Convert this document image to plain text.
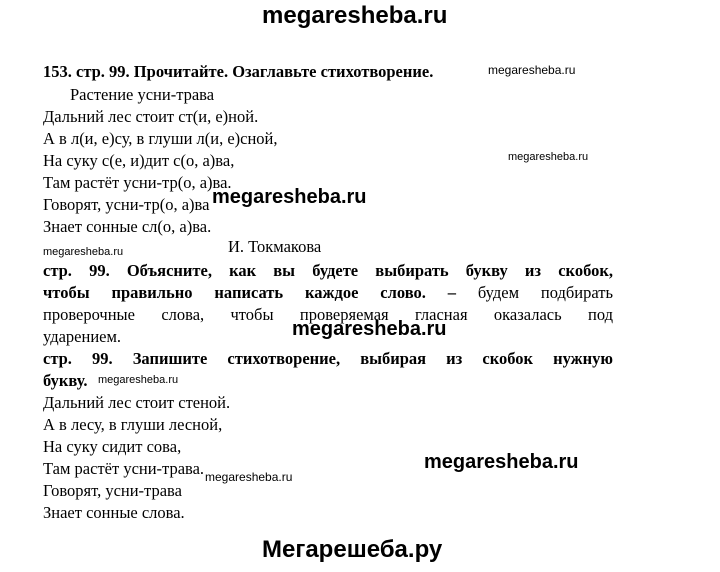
megaresheba.ru
153. стр. 99. Прочитайте. Озаглавьте стихотворение.	megaresheba.ru
Растение усни-трава
Дальний лес стоит ст(и, е)ной.
А в л(и, е)су, в глуши л(и, е)сной,
На суку с(е, и)дит с(о, а)ва,
Там растёт усни-тр(о, а)ва.
Говорят, усни-тр(о, а)ва
Знает сонные сл(о, а)ва.
megaresheba.ru
megaresheba.ru
megaresheba.ru	И. Токмакова
стр. 99. Объясните, как вы будете выбирать букву из скобок,
чтобы правильно написать каждое слово. – будем подбирать
проверочные слова, чтобы проверяемая гласная оказалась под
ударением.	megaresheba.ru
стр. 99. Запишите стихотворение, выбирая из скобок нужную
букву. megaresheba.ru
Дальний лес стоит стеной.
А в лесу, в глуши лесной,
На суку сидит сова,
Там растёт усни-трава.
Говорят, усни-трава
Знает сонные слова.
megaresheba.ru
megaresheba.ru
Мегарешеба.ру
